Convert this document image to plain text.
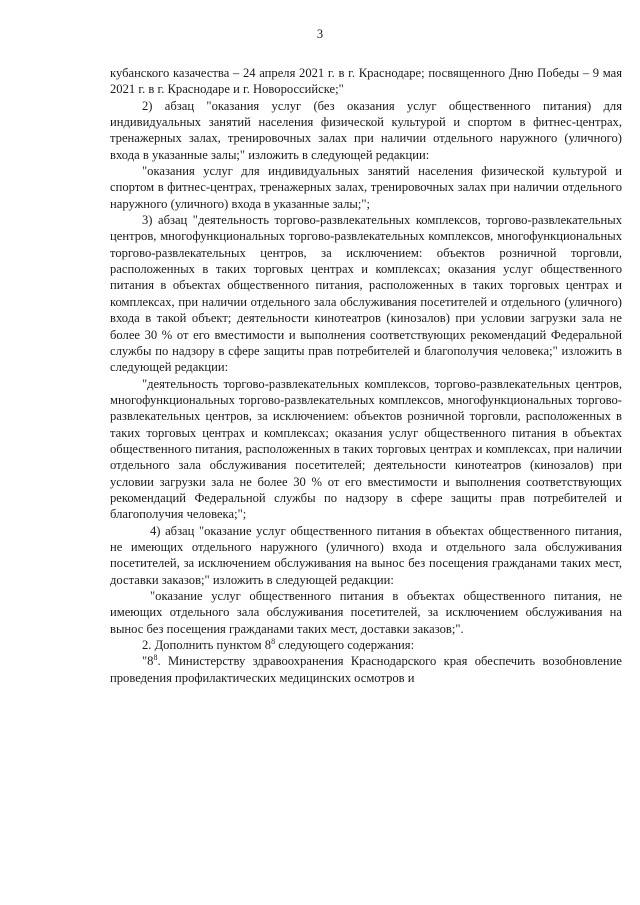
3

кубанского казачества – 24 апреля 2021 г. в г. Краснодаре; посвященного Дню Победы – 9 мая 2021 г. в г. Краснодаре и г. Новороссийске;"

2) абзац "оказания услуг (без оказания услуг общественного питания) для индивидуальных занятий населения физической культурой и спортом в фитнес-центрах, тренажерных залах, тренировочных залах при наличии отдельного наружного (уличного) входа в указанные залы;" изложить в следующей редакции:

"оказания услуг для индивидуальных занятий населения физической культурой и спортом в фитнес-центрах, тренажерных залах, тренировочных залах при наличии отдельного наружного (уличного) входа в указанные залы;";

3) абзац "деятельность торгово-развлекательных комплексов, торгово-развлекательных центров, многофункциональных торгово-развлекательных комплексов, многофункциональных торгово-развлекательных центров, за исключением: объектов розничной торговли, расположенных в таких торговых центрах и комплексах; оказания услуг общественного питания в объектах общественного питания, расположенных в таких торговых центрах и комплексах, при наличии отдельного зала обслуживания посетителей и отдельного (уличного) входа в такой объект; деятельности кинотеатров (кинозалов) при условии загрузки зала не более 30 % от его вместимости и выполнения соответствующих рекомендаций Федеральной службы по надзору в сфере защиты прав потребителей и благополучия человека;" изложить в следующей редакции:

"деятельность торгово-развлекательных комплексов, торгово-развлекательных центров, многофункциональных торгово-развлекательных комплексов, многофункциональных торгово-развлекательных центров, за исключением: объектов розничной торговли, расположенных в таких торговых центрах и комплексах; оказания услуг общественного питания в объектах общественного питания, расположенных в таких торговых центрах и комплексах, при наличии отдельного зала обслуживания посетителей; деятельности кинотеатров (кинозалов) при условии загрузки зала не более 30 % от его вместимости и выполнения соответствующих рекомендаций Федеральной службы по надзору в сфере защиты прав потребителей и благополучия человека;";

4) абзац "оказание услуг общественного питания в объектах общественного питания, не имеющих отдельного наружного (уличного) входа и отдельного зала обслуживания посетителей, за исключением обслуживания на вынос без посещения гражданами таких мест, доставки заказов;" изложить в следующей редакции:

"оказание услуг общественного питания в объектах общественного питания, не имеющих отдельного зала обслуживания посетителей, за исключением обслуживания на вынос без посещения гражданами таких мест, доставки заказов;".

2. Дополнить пунктом $8^8$ следующего содержания:

"$8^8$. Министерству здравоохранения Краснодарского края обеспечить возобновление проведения профилактических медицинских осмотров и
